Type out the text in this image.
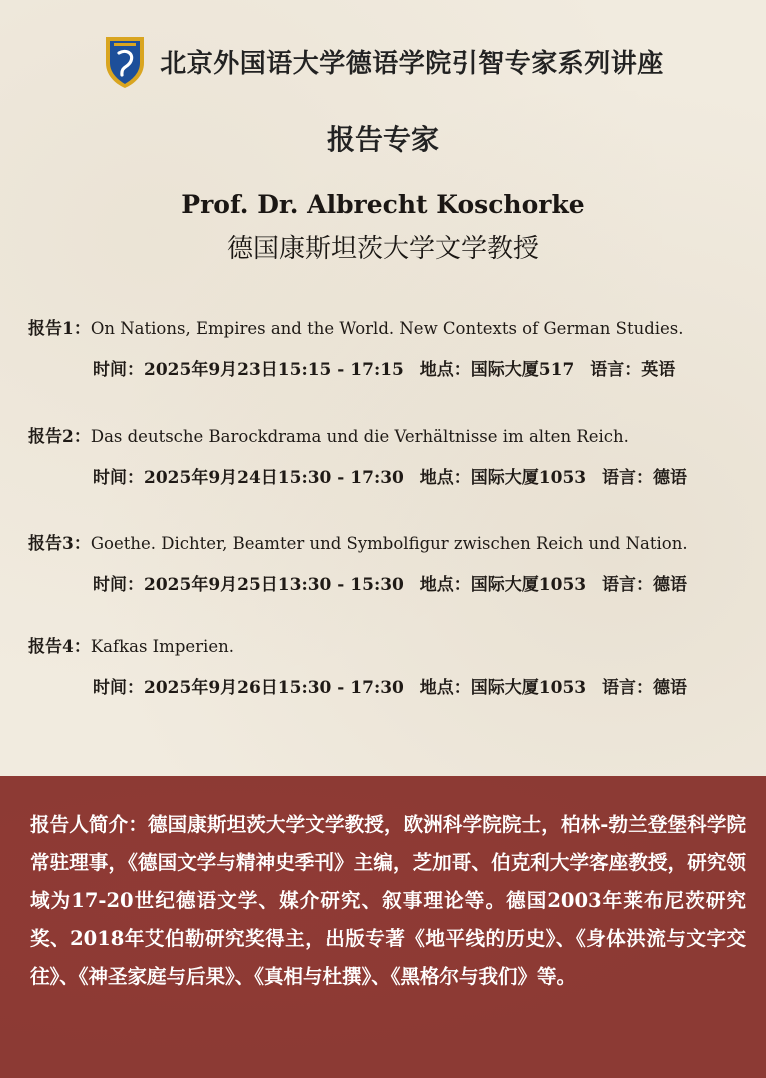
北京外国语大学德语学院引智专家系列讲座
报告专家
Prof. Dr. Albrecht Koschorke
德国康斯坦茨大学文学教授
报告1：On Nations, Empires and the World. New Contexts of German Studies.
时间：2025年9月23日15:15 - 17:15 地点：国际大厦517 语言：英语
报告2：Das deutsche Barockdrama und die Verhältnisse im alten Reich.
时间：2025年9月24日15:30 - 17:30 地点：国际大厦1053 语言：德语
报告3：Goethe. Dichter, Beamter und Symbolfigur zwischen Reich und Nation.
时间：2025年9月25日13:30 - 15:30 地点：国际大厦1053 语言：德语
报告4：Kafkas Imperien.
时间：2025年9月26日15:30 - 17:30 地点：国际大厦1053 语言：德语
报告人简介：德国康斯坦茨大学文学教授，欧洲科学院院士，柏林-勃兰登堡科学院常驻理事，《德国文学与精神史季刊》主编，芝加哥、伯克利大学客座教授，研究领域为17-20世纪德语文学、媒介研究、叙事理论等。德国2003年莱布尼茨研究奖、2018年艾伯勒研究奖得主，出版专著《地平线的历史》、《身体洪流与文字交往》、《神圣家庭与后果》、《真相与杜撰》、《黑格尔与我们》等。
